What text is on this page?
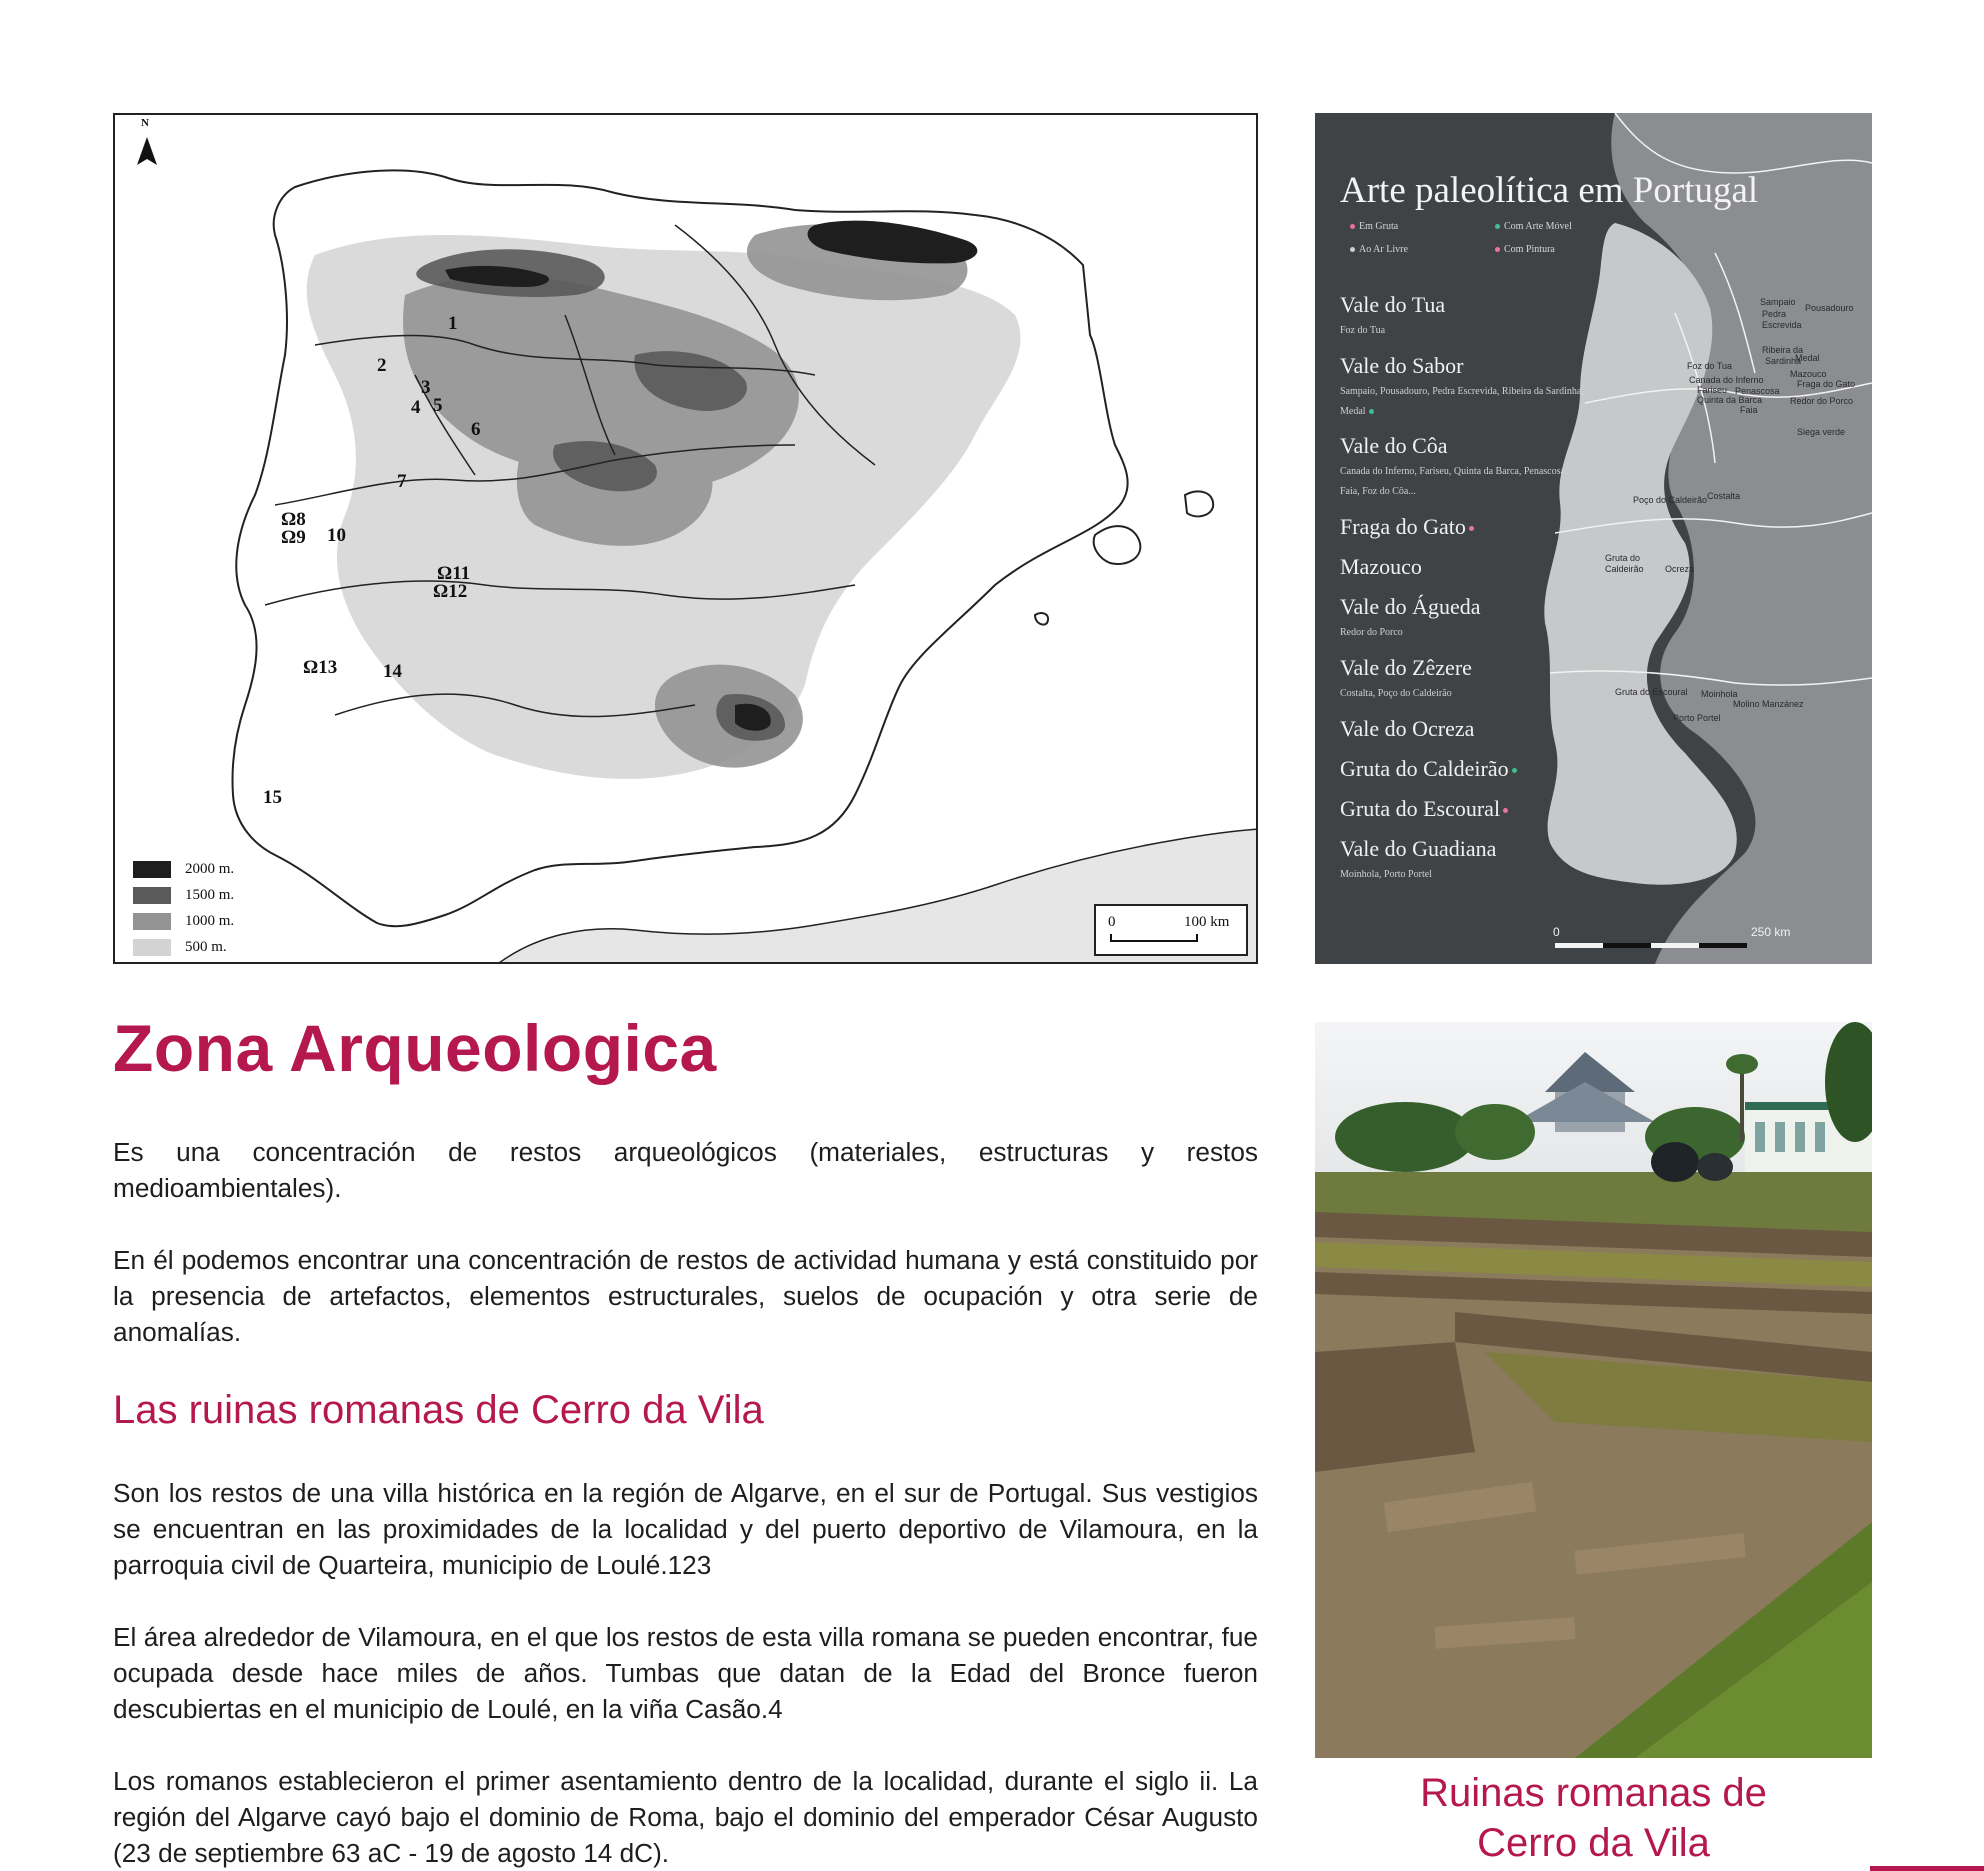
N
1
2
3
4 5
6
7
Ω8
Ω9 10
Ω11
Ω12
Ω13 14
15
2000 m.
1500 m.
1000 m.
500 m.
0	100 km
Arte paleolítica em Portugal
Em Gruta	Com Arte Móvel
Ao Ar Livre	Com Pintura
Vale do Tua
Foz do Tua
Vale do Sabor
Sampaio, Pousadouro, Pedra Escrevida, Ribeira da Sardinha,
Medal
Vale do Côa
Canada do Inferno, Fariseu, Quinta da Barca, Penascosa,
Faia, Foz do Côa...
Fraga do Gato
Mazouco
Vale do Águeda
Redor do Porco
Vale do Zêzere
Costalta, Poço do Caldeirão
Vale do Ocreza
Gruta do Caldeirão
Gruta do Escoural
Vale do Guadiana
Moinhola, Porto Portel
Sampaio
Pousadouro
Pedra
Escrevida
Ribeira da
Sardinha
Medal
Foz do Tua
Canada do Inferno
Fariseu Penascosa
Quinta da Barca
Faia
Mazouco
Fraga do Gato
Redor do Porco
Siega verde
Poço do Caldeirão Costalta
Gruta do
Caldeirão Ocreza
Gruta do Escoural Moinhola
Molino Manzánez
Porto Portel
0	250 km
Zona Arqueologica

Es una concentración de restos arqueológicos (materiales, estructuras y restos medioambientales).

En él podemos encontrar una concentración de restos de actividad humana y está constituido por la presencia de artefactos, elementos estructurales, suelos de ocupación y otra serie de anomalías.

Las ruinas romanas de Cerro da Vila

Son los restos de una villa histórica en la región de Algarve, en el sur de Portugal. Sus vestigios se encuentran en las proximidades de la localidad y del puerto deportivo de Vilamoura, en la parroquia civil de Quarteira, municipio de Loulé.123

El área alrededor de Vilamoura, en el que los restos de esta villa romana se pueden encontrar, fue ocupada desde hace miles de años. Tumbas que datan de la Edad del Bronce fueron descubiertas en el municipio de Loulé, en la viña Casão.4

Los romanos establecieron el primer asentamiento dentro de la localidad, durante el siglo ii. La región del Algarve cayó bajo el dominio de Roma, bajo el dominio del emperador César Augusto (23 de septiembre 63 aC - 19 de agosto 14 dC).

Ruinas romanas de
Cerro da Vila
